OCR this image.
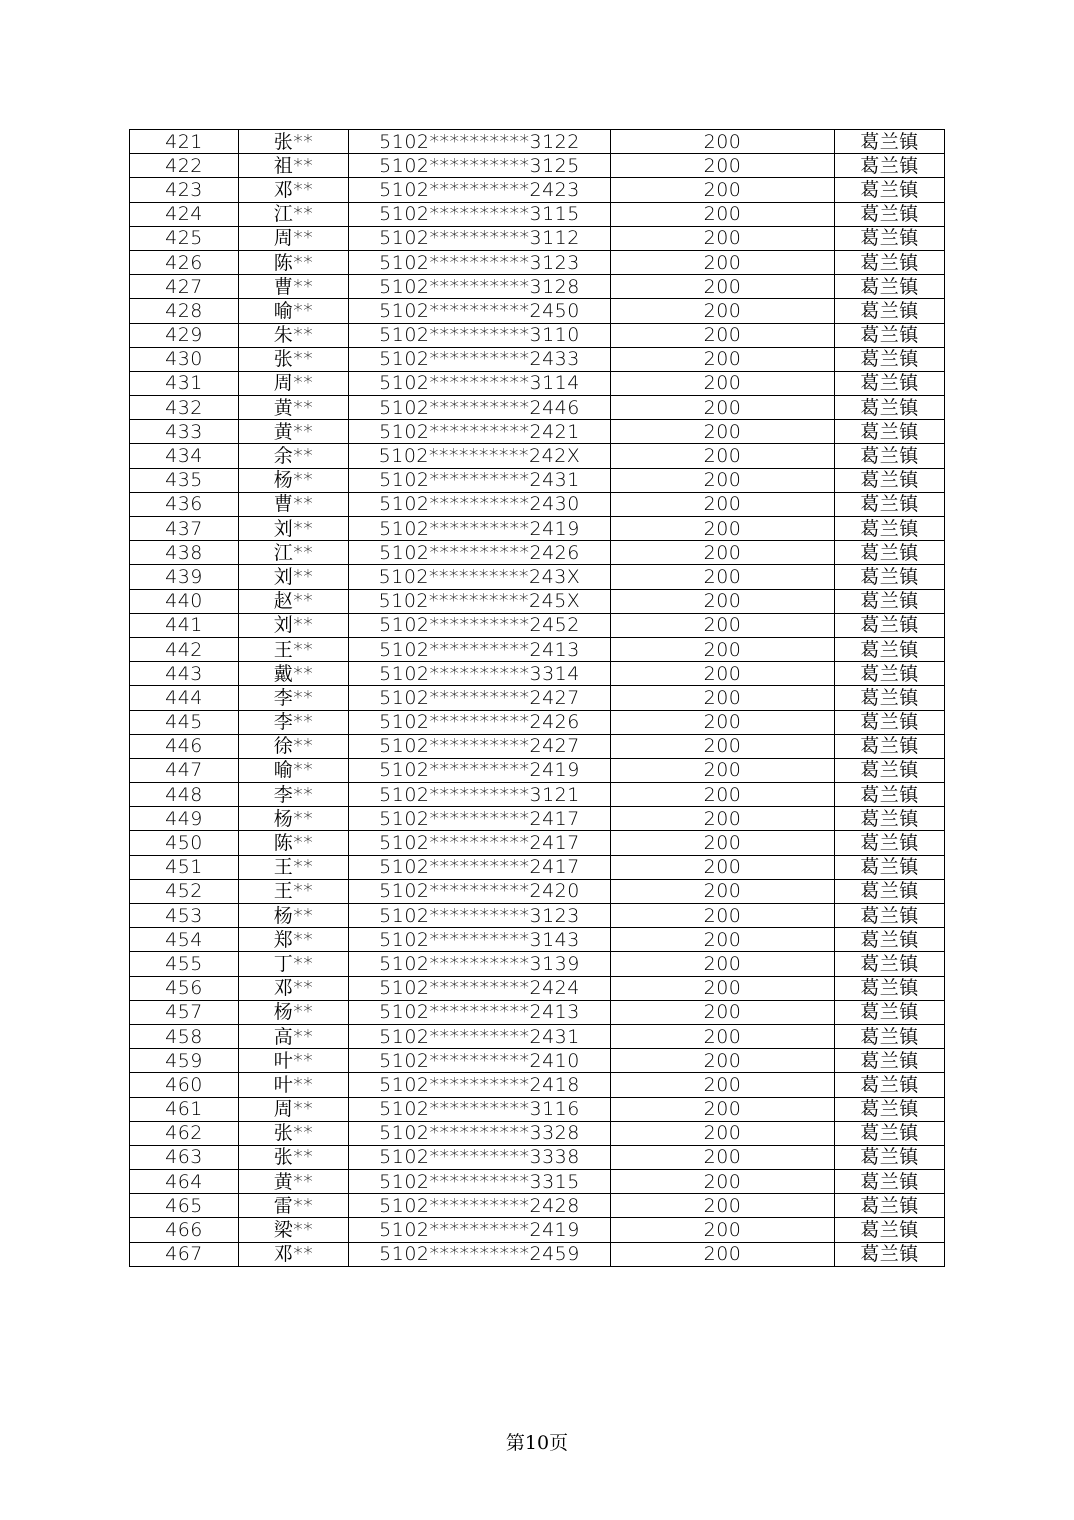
421	张**	5102**********3122	200	葛兰镇
422	祖**	5102**********3125	200	葛兰镇
423	邓**	5102**********2423	200	葛兰镇
424	江**	5102**********3115	200	葛兰镇
425	周**	5102**********3112	200	葛兰镇
426	陈**	5102**********3123	200	葛兰镇
427	曹**	5102**********3128	200	葛兰镇
428	喻**	5102**********2450	200	葛兰镇
429	朱**	5102**********3110	200	葛兰镇
430	张**	5102**********2433	200	葛兰镇
431	周**	5102**********3114	200	葛兰镇
432	黄**	5102**********2446	200	葛兰镇
433	黄**	5102**********2421	200	葛兰镇
434	余**	5102**********242X	200	葛兰镇
435	杨**	5102**********2431	200	葛兰镇
436	曹**	5102**********2430	200	葛兰镇
437	刘**	5102**********2419	200	葛兰镇
438	江**	5102**********2426	200	葛兰镇
439	刘**	5102**********243X	200	葛兰镇
440	赵**	5102**********245X	200	葛兰镇
441	刘**	5102**********2452	200	葛兰镇
442	王**	5102**********2413	200	葛兰镇
443	戴**	5102**********3314	200	葛兰镇
444	李**	5102**********2427	200	葛兰镇
445	李**	5102**********2426	200	葛兰镇
446	徐**	5102**********2427	200	葛兰镇
447	喻**	5102**********2419	200	葛兰镇
448	李**	5102**********3121	200	葛兰镇
449	杨**	5102**********2417	200	葛兰镇
450	陈**	5102**********2417	200	葛兰镇
451	王**	5102**********2417	200	葛兰镇
452	王**	5102**********2420	200	葛兰镇
453	杨**	5102**********3123	200	葛兰镇
454	郑**	5102**********3143	200	葛兰镇
455	丁**	5102**********3139	200	葛兰镇
456	邓**	5102**********2424	200	葛兰镇
457	杨**	5102**********2413	200	葛兰镇
458	高**	5102**********2431	200	葛兰镇
459	叶**	5102**********2410	200	葛兰镇
460	叶**	5102**********2418	200	葛兰镇
461	周**	5102**********3116	200	葛兰镇
462	张**	5102**********3328	200	葛兰镇
463	张**	5102**********3338	200	葛兰镇
464	黄**	5102**********3315	200	葛兰镇
465	雷**	5102**********2428	200	葛兰镇
466	梁**	5102**********2419	200	葛兰镇
467	邓**	5102**********2459	200	葛兰镇
第10页
